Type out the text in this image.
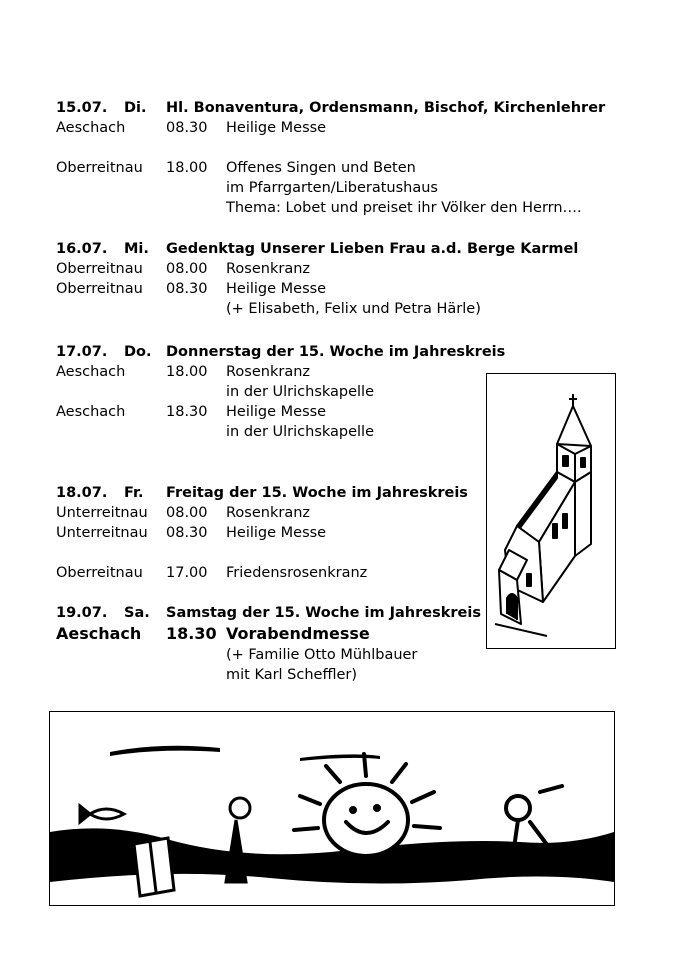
15.07. Di. Hl. Bonaventura, Ordensmann, Bischof, Kirchenlehrer
Aeschach	08.30 Heilige Messe
Oberreitnau 18.00 Offenes Singen und Beten
im Pfarrgarten/Liberatushaus
Thema: Lobet und preiset ihr Völker den Herrn….
16.07. Mi. Gedenktag Unserer Lieben Frau a.d. Berge Karmel
Oberreitnau 08.00 Rosenkranz
Oberreitnau 08.30 Heilige Messe
(+ Elisabeth, Felix und Petra Härle)
17.07. Do. Donnerstag der 15. Woche im Jahreskreis
Aeschach	18.00 Rosenkranz
in der Ulrichskapelle
Aeschach	18.30 Heilige Messe
in der Ulrichskapelle
18.07. Fr. Freitag der 15. Woche im Jahreskreis
Unterreitnau 08.00 Rosenkranz
Unterreitnau 08.30 Heilige Messe
Oberreitnau 17.00 Friedensrosenkranz
19.07. Sa. Samstag der 15. Woche im Jahreskreis
Aeschach 18.30 Vorabendmesse
(+ Familie Otto Mühlbauer
mit Karl Scheffler)
